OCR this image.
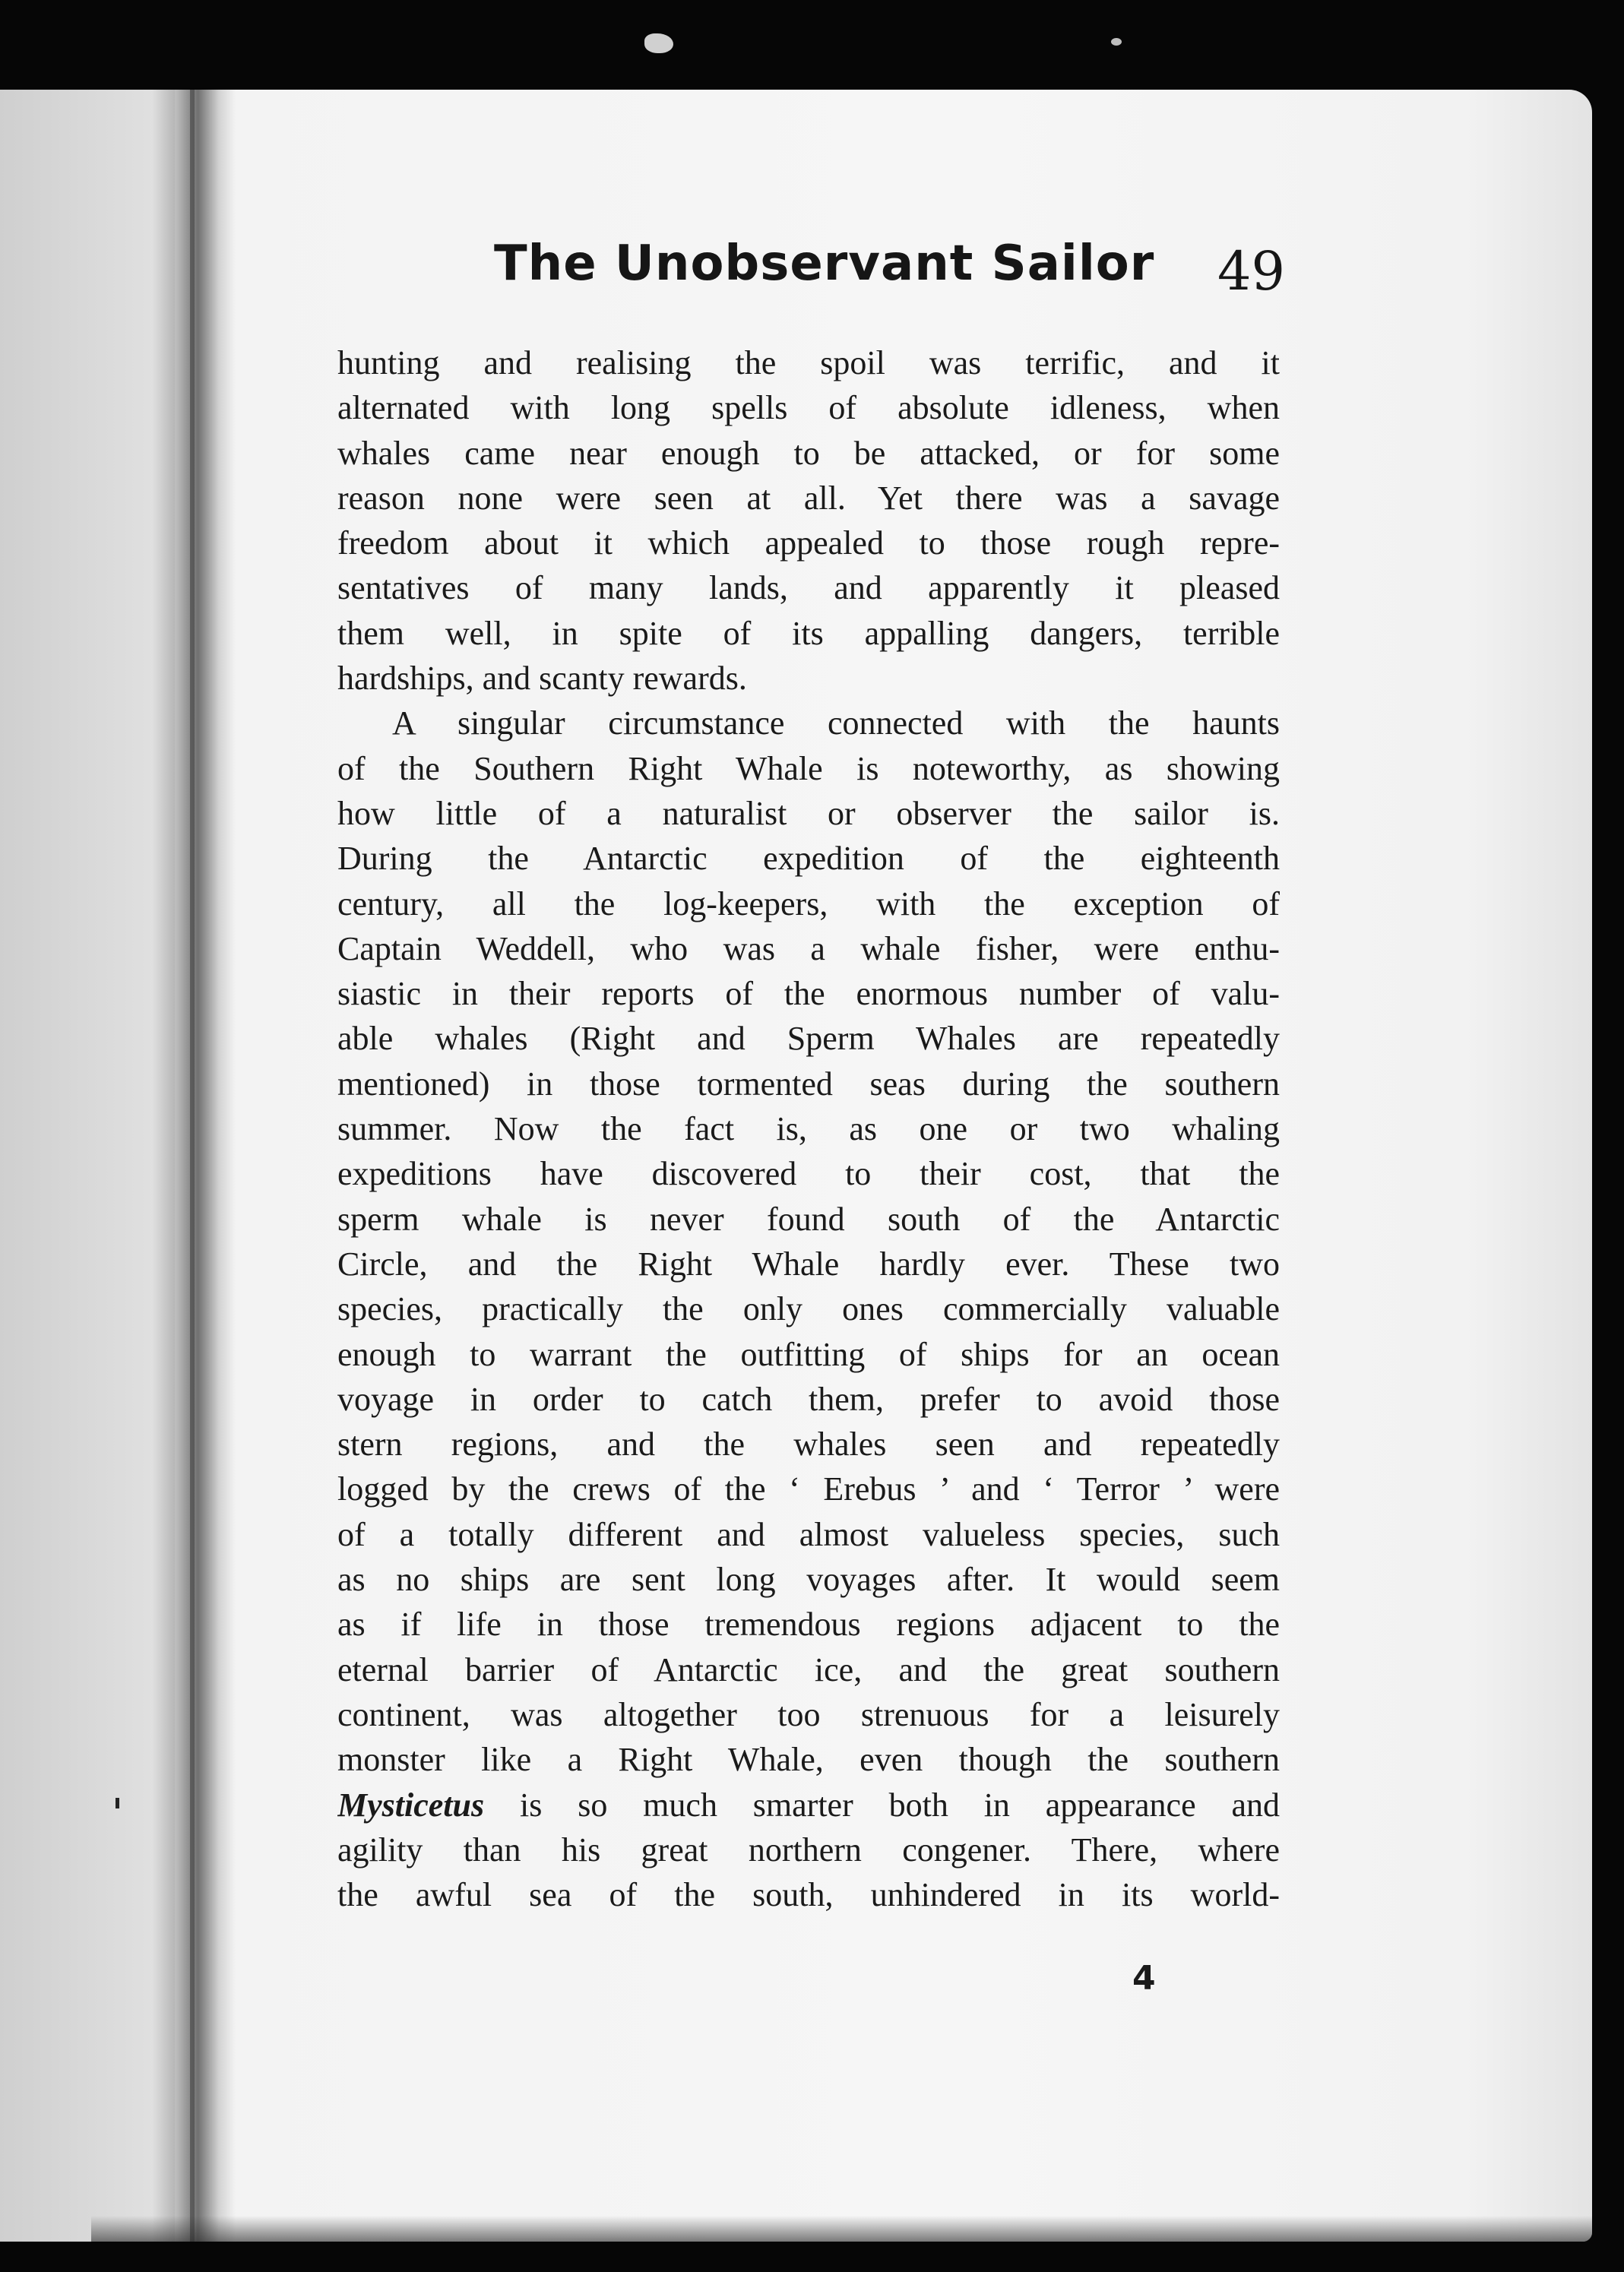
The Unobservant Sailor 49
hunting and realising the spoil was terrific, and it
alternated with long spells of absolute idleness, when
whales came near enough to be attacked, or for some
reason none were seen at all. Yet there was a savage
freedom about it which appealed to those rough repre-
sentatives of many lands, and apparently it pleased
them well, in spite of its appalling dangers, terrible
hardships, and scanty rewards.
A singular circumstance connected with the haunts
of the Southern Right Whale is noteworthy, as showing
how little of a naturalist or observer the sailor is.
During the Antarctic expedition of the eighteenth
century, all the log-keepers, with the exception of
Captain Weddell, who was a whale fisher, were enthu-
siastic in their reports of the enormous number of valu-
able whales (Right and Sperm Whales are repeatedly
mentioned) in those tormented seas during the southern
summer. Now the fact is, as one or two whaling
expeditions have discovered to their cost, that the
sperm whale is never found south of the Antarctic
Circle, and the Right Whale hardly ever. These two
species, practically the only ones commercially valuable
enough to warrant the outfitting of ships for an ocean
voyage in order to catch them, prefer to avoid those
stern regions, and the whales seen and repeatedly
logged by the crews of the ‘ Erebus ’ and ‘ Terror ’ were
of a totally different and almost valueless species, such
as no ships are sent long voyages after. It would seem
as if life in those tremendous regions adjacent to the
eternal barrier of Antarctic ice, and the great southern
continent, was altogether too strenuous for a leisurely
monster like a Right Whale, even though the southern
Mysticetus is so much smarter both in appearance and
agility than his great northern congener. There, where
the awful sea of the south, unhindered in its world-
4
